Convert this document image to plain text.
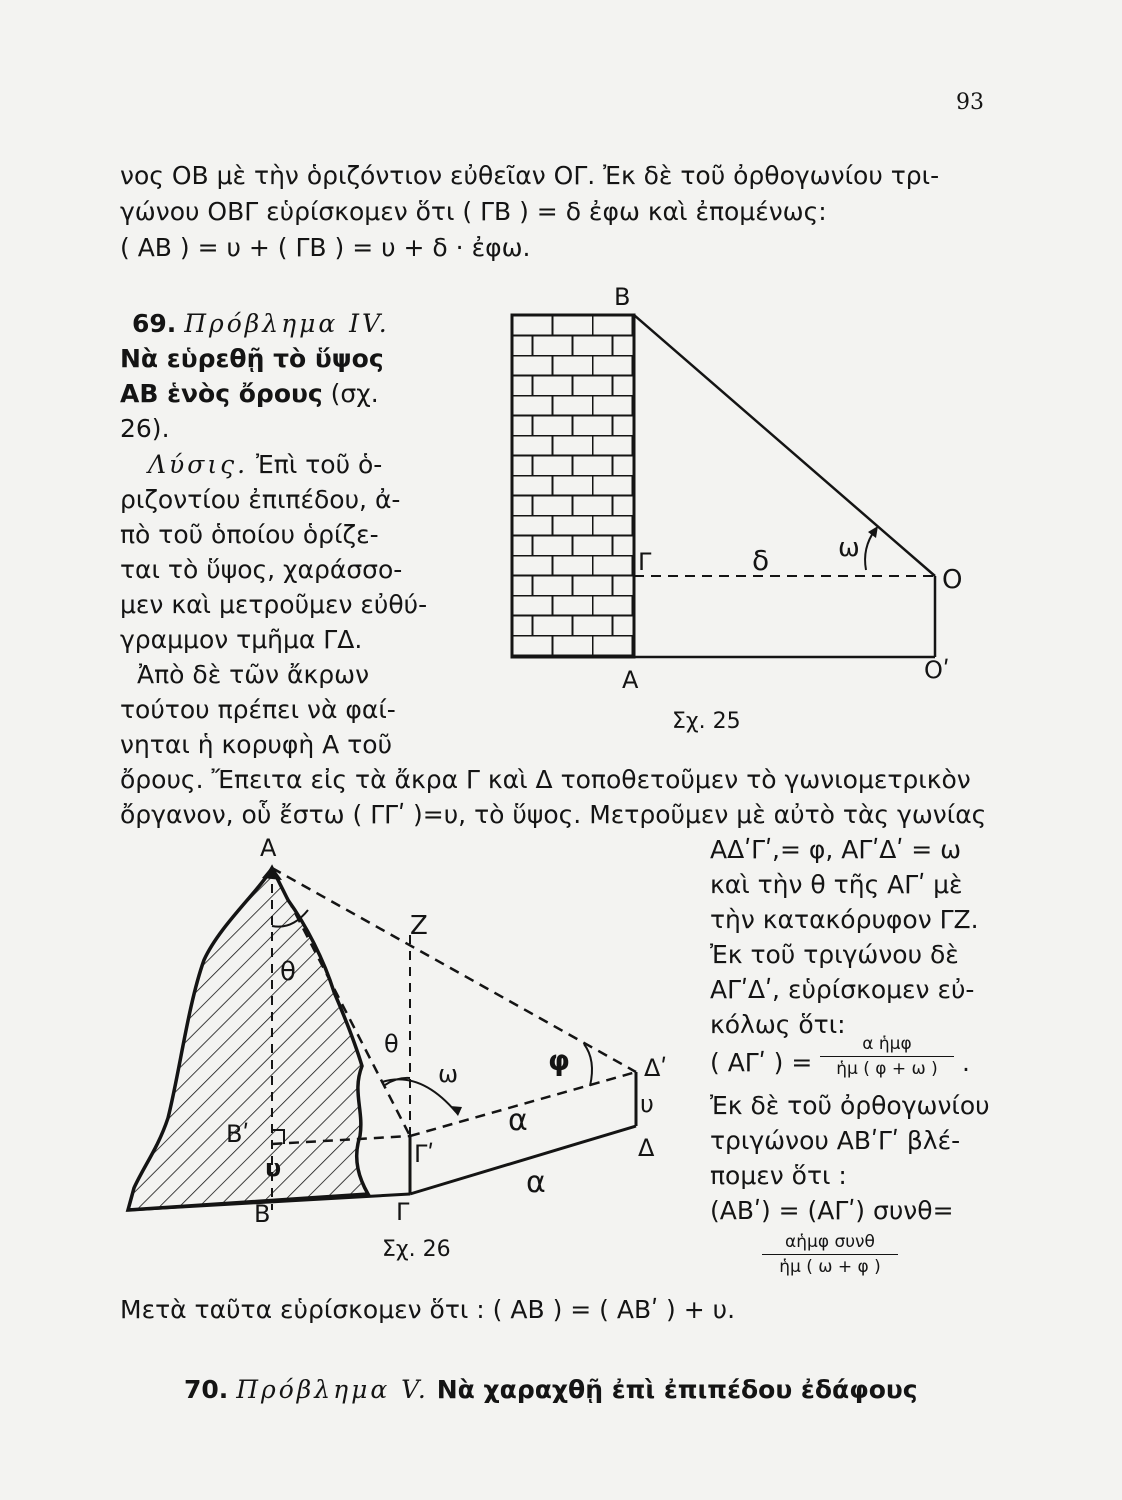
93
νος ΟΒ μὲ τὴν ὁριζόντιον εὐθεῖαν ΟΓ. Ἐκ δὲ τοῦ ὀρθογωνίου τρι-
γώνου ΟΒΓ εὑρίσκομεν ὅτι ( ΓΒ ) = δ ἐφω καὶ ἐπομένως:
( ΑΒ ) = υ + ( ΓΒ ) = υ + δ · ἐφω.
69. Πρόβλημα IV.
Νὰ εὑρεθῇ τὸ ὕψος
ΑΒ ἑνὸς ὄρους (σχ.
26).
Λύσις. Ἐπὶ τοῦ ὁ-
ριζοντίου ἐπιπέδου, ἀ-
πὸ τοῦ ὁποίου ὁρίζε-
ται τὸ ὕψος, χαράσσο-
μεν καὶ μετροῦμεν εὐθύ-
γραμμον τμῆμα ΓΔ.
Ἀπὸ δὲ τῶν ἄκρων
τούτου πρέπει νὰ φαί-
νηται ἡ κορυφὴ Α τοῦ
ὄρους. Ἔπειτα εἰς τὰ ἄκρα Γ καὶ Δ τοποθετοῦμεν τὸ γωνιομετρικὸν
ὄργανον, οὗ ἔστω ( ΓΓʹ )=υ, τὸ ὕψος. Μετροῦμεν μὲ αὐτὸ τὰς γωνίας
ΑΔʹΓʹ,= φ, ΑΓʹΔʹ = ω
καὶ τὴν θ τῆς ΑΓʹ μὲ
τὴν κατακόρυφον ΓΖ.
Ἐκ τοῦ τριγώνου δὲ
ΑΓʹΔʹ, εὑρίσκομεν εὐ-
κόλως ὅτι:
( ΑΓʹ ) =
α ἡμφ
ἡμ ( φ + ω ) .
Ἐκ δὲ τοῦ ὀρθογωνίου
τριγώνου ΑΒʹΓʹ βλέ-
πομεν ὅτι :
(ΑΒʹ) = (ΑΓʹ) συνθ=
αἡμφ συνθ
ἡμ ( ω + φ )
Μετὰ ταῦτα εὑρίσκομεν ὅτι : ( ΑΒ ) = ( ΑΒʹ ) + υ.
70. Πρόβλημα V. Νὰ χαραχθῇ ἐπὶ ἐπιπέδου ἐδάφους
Β
Γ	δ	ω
Ο
Α	Οʹ
Σχ. 25
Α
Ζ
θ
θ	φ	Δʹ
ω
α	υ
Δ
Βʹ
υ	Γʹ
α
Β	Γ
Σχ. 26
